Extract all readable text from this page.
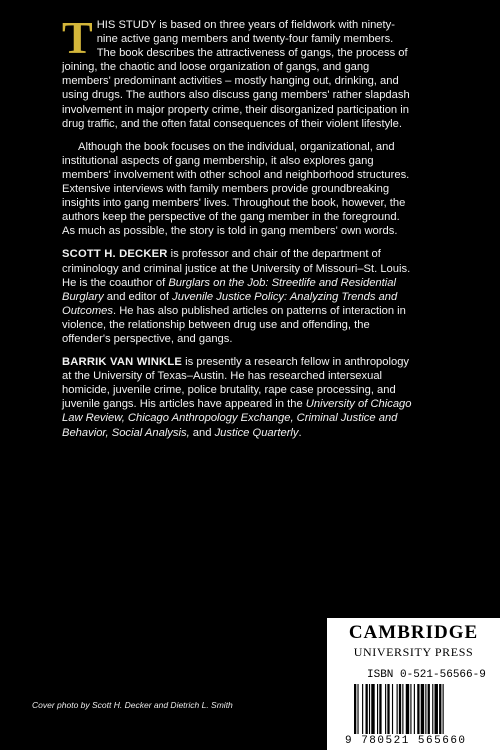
THIS STUDY is based on three years of fieldwork with ninety-nine active gang members and twenty-four family members. The book describes the attractiveness of gangs, the process of joining, the chaotic and loose organization of gangs, and gang members' predominant activities – mostly hanging out, drinking, and using drugs. The authors also discuss gang members' rather slapdash involvement in major property crime, their disorganized participation in drug traffic, and the often fatal consequences of their violent lifestyle.

Although the book focuses on the individual, organizational, and institutional aspects of gang membership, it also explores gang members' involvement with other school and neighborhood structures. Extensive interviews with family members provide groundbreaking insights into gang members' lives. Throughout the book, however, the authors keep the perspective of the gang member in the foreground. As much as possible, the story is told in gang members' own words.

SCOTT H. DECKER is professor and chair of the department of criminology and criminal justice at the University of Missouri–St. Louis. He is the coauthor of Burglars on the Job: Streetlife and Residential Burglary and editor of Juvenile Justice Policy: Analyzing Trends and Outcomes. He has also published articles on patterns of interaction in violence, the relationship between drug use and offending, the offender's perspective, and gangs.

BARRIK VAN WINKLE is presently a research fellow in anthropology at the University of Texas–Austin. He has researched intersexual homicide, juvenile crime, police brutality, rape case processing, and juvenile gangs. His articles have appeared in the University of Chicago Law Review, Chicago Anthropology Exchange, Criminal Justice and Behavior, Social Analysis, and Justice Quarterly.

Cover photo by Scott H. Decker and Dietrich L. Smith
CAMBRIDGE
UNIVERSITY PRESS
ISBN 0-521-56566-9
9 780521 565660
